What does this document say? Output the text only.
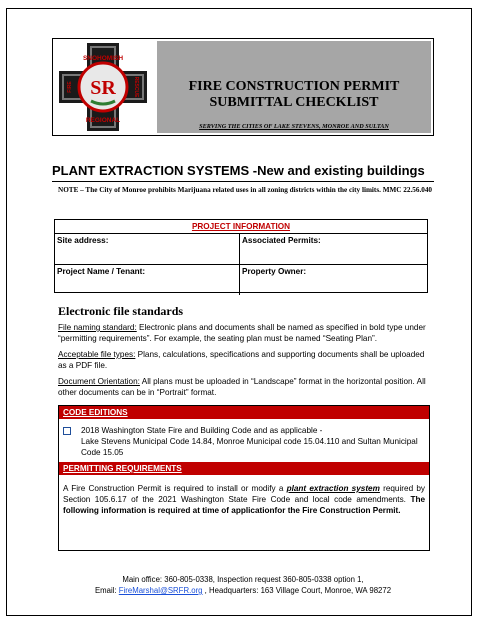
SR
SNOHOMISH
REGIONAL
FIRE	RESCUE	FIRE CONSTRUCTION PERMIT
SUBMITTAL CHECKLIST
SERVING THE CITIES OF LAKE STEVENS, MONROE AND SULTAN
PLANT EXTRACTION SYSTEMS -New and existing buildings
NOTE – The City of Monroe prohibits Marijuana related uses in all zoning districts within the city limits. MMC 22.56.040
PROJECT INFORMATION
Site address:	Associated Permits:
Project Name / Tenant:	Property Owner:
Electronic file standards
File naming standard: Electronic plans and documents shall be named as specified in bold type under “permitting requirements”. For example, the seating plan must be named “Seating Plan”.
Acceptable file types: Plans, calculations, specifications and supporting documents shall be uploaded as a PDF file.
Document Orientation: All plans must be uploaded in “Landscape” format in the horizontal position. All other documents can be in “Portrait” format.
CODE EDITIONS
2018 Washington State Fire and Building Code and as applicable -
Lake Stevens Municipal Code 14.84, Monroe Municipal code 15.04.110 and Sultan Municipal Code 15.05
PERMITTING REQUIREMENTS
A Fire Construction Permit is required to install or modify a plant extraction system required by Section 105.6.17 of the 2021 Washington State Fire Code and local code amendments. The following information is required at time of applicationfor the Fire Construction Permit.
Main office: 360-805-0338, Inspection request 360-805-0338 option 1,
Email: FireMarshal@SRFR.org , Headquarters: 163 Village Court, Monroe, WA 98272
